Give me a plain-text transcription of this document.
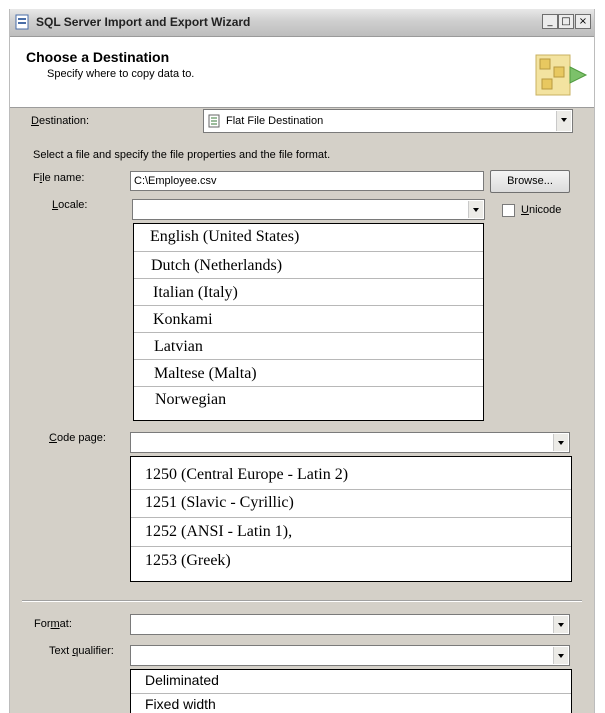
SQL Server Import and Export Wizard	_ □ ×
Choose a Destination
Specify where to copy data to.
Destination:	Flat File Destination
Select a file and specify the file properties and the file format.
File name:	C:\Employee.csv	Browse...
Locale:	Unicode
English (United States)
Dutch (Netherlands)
Italian (Italy)
Konkami
Latvian
Maltese (Malta)
Norwegian
Code page:
1250 (Central Europe - Latin 2)
1251 (Slavic - Cyrillic)
1252 (ANSI - Latin 1),
1253 (Greek)
Format:
Text qualifier:
Deliminated
Fixed width
